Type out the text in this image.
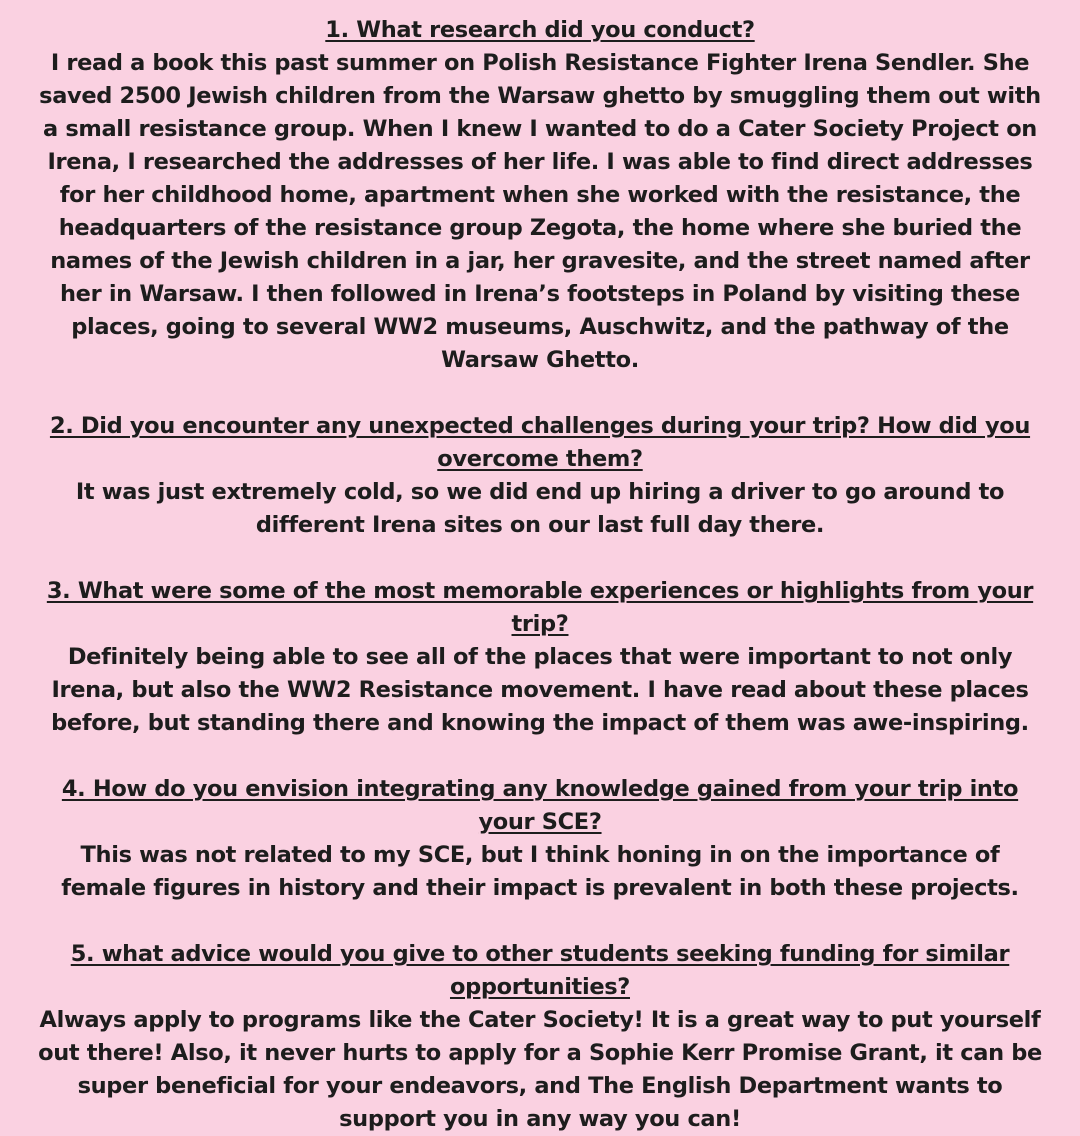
1. What research did you conduct?

I read a book this past summer on Polish Resistance Fighter Irena Sendler. She saved 2500 Jewish children from the Warsaw ghetto by smuggling them out with a small resistance group. When I knew I wanted to do a Cater Society Project on Irena, I researched the addresses of her life. I was able to find direct addresses for her childhood home, apartment when she worked with the resistance, the headquarters of the resistance group Zegota, the home where she buried the names of the Jewish children in a jar, her gravesite, and the street named after her in Warsaw. I then followed in Irena’s footsteps in Poland by visiting these places, going to several WW2 museums, Auschwitz, and the pathway of the Warsaw Ghetto.

2. Did you encounter any unexpected challenges during your trip? How did you overcome them?

It was just extremely cold, so we did end up hiring a driver to go around to different Irena sites on our last full day there.

3. What were some of the most memorable experiences or highlights from your trip?

Definitely being able to see all of the places that were important to not only Irena, but also the WW2 Resistance movement. I have read about these places before, but standing there and knowing the impact of them was awe-inspiring.

4. How do you envision integrating any knowledge gained from your trip into your SCE?

This was not related to my SCE, but I think honing in on the importance of female figures in history and their impact is prevalent in both these projects.

5. what advice would you give to other students seeking funding for similar opportunities?

Always apply to programs like the Cater Society! It is a great way to put yourself out there! Also, it never hurts to apply for a Sophie Kerr Promise Grant, it can be super beneficial for your endeavors, and The English Department wants to support you in any way you can!
